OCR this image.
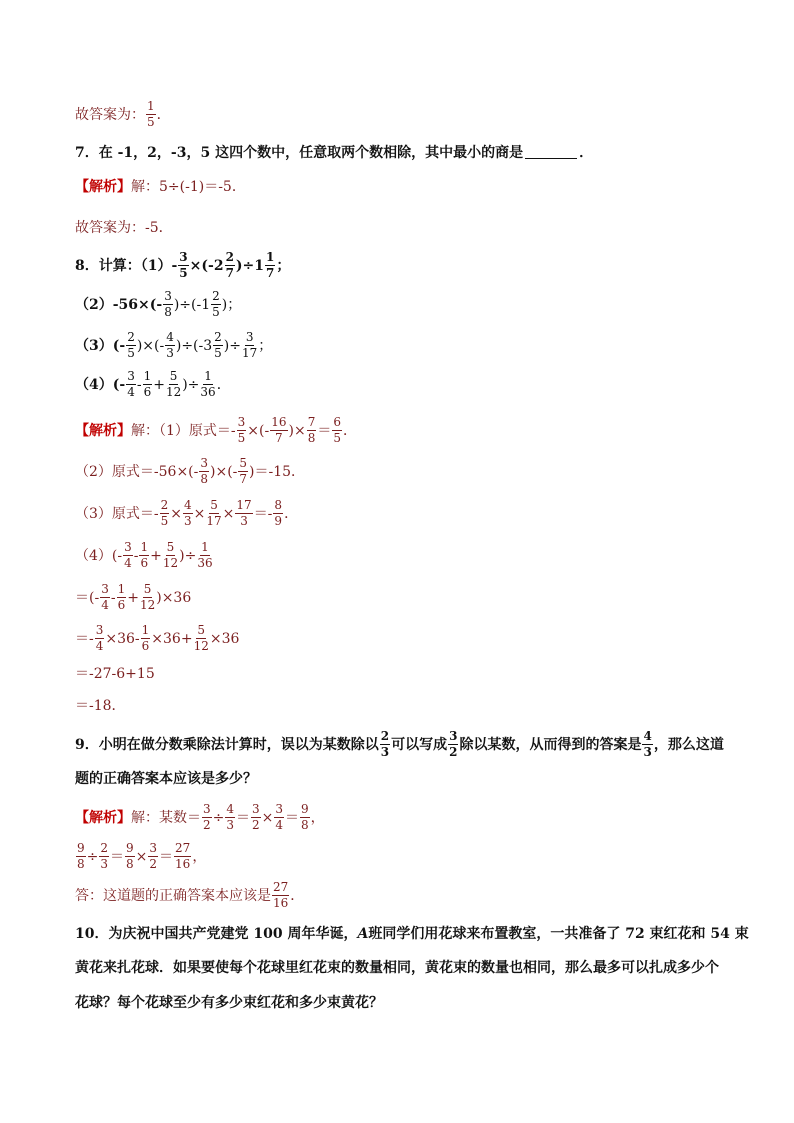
故答案为：
1
5 ．
7．在 -1，2，-3，5 这四个数中，任意取两个数相除，其中最小的商是	．
【解析】 解：5÷(-1)＝-5．
故答案为：-5．
8．计算：$(1)- \frac{3}{5} \times(-2$
2
7 )÷1
1
7 ；
（2）-56×(-
3
8 )÷(-1
2
5 )；
（3）(-
2
5 )×(-
4
3 )÷(-3
2
5 )÷ $\frac{3}{17}$ ；
（4）(-
3
4 -
1
$6 + \frac{5}{12}$ )÷ $\frac{1}{36}$ ．
【解析】 解：（1）原式＝- $\frac{3}{5}$ ×(-
16
7 )× $\frac{7}{8}$ ＝
6
5 ．
（2）原式＝-56×(-
3
8 )×(-
5
7 )＝-15．
（3）原式＝- $\frac{2}{5} \times \frac{4}{3} \times \frac{5}{17} \times \frac{17}{3}$ ＝-
8
9 ．
（4）(-
3
4 -
1
$6 + \frac{5}{12}$ )÷ $\frac{1}{36}$
＝(-
3
4 -
1
$6 + \frac{5}{12} )\times 36$
＝- $\frac{3}{4} \times 36- \frac{1}{6} \times 36+ \frac{5}{12} \times 36$
＝-27-6+15
＝-18．
9．小明在做分数乘除法计算时，误以为某数除以
2
3 可以写成
3
2 除以某数，从而得到的答案是
4
3 ，那么这道
题的正确答案本应该是多少？
【解析】 解：某数＝ $\frac{3}{2} \div \frac{4}{3} = \frac{3}{2} \times \frac{3}{4}$ ＝
9
8 ，
$\frac{9}{8} \div \frac{2}{3} = \frac{9}{8} \times \frac{3}{2}$ ＝
27
16 ，
答：这道题的正确答案本应该是
27
16 ．
10．为庆祝中国共产党建党 100 周年华诞， A 班同学们用花球来布置教室，一共准备了 72 束红花和 54 束
黄花来扎花球．如果要使每个花球里红花束的数量相同，黄花束的数量也相同，那么最多可以扎成多少个
花球？每个花球至少有多少束红花和多少束黄花？
